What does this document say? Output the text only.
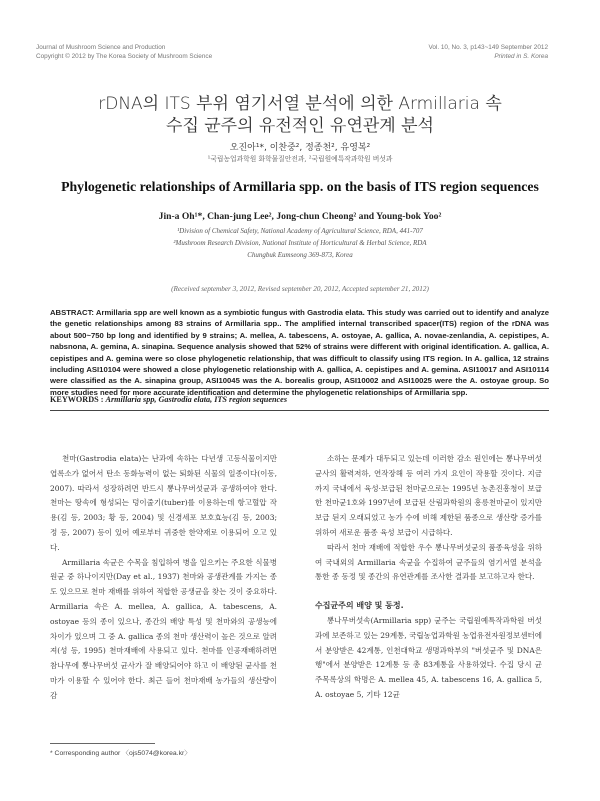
Journal of Mushroom Science and Production
Copyright © 2012 by The Korea Society of Mushroom Science
Vol. 10, No. 3, p143~149 September 2012
Printed in S. Korea
rDNA의 ITS 부위 염기서열 분석에 의한 Armillaria 속
수집 균주의 유전적인 유연관계 분석
오진아¹*, 이찬중², 정종천², 유영복²
¹국립농업과학원 화학물질안전과, ²국립원예특작과학원 버섯과
Phylogenetic relationships of Armillaria spp. on the basis of ITS region sequences
Jin-a Oh¹*, Chan-jung Lee², Jong-chun Cheong² and Young-bok Yoo²
¹Division of Chemical Safety, National Academy of Agricultural Science, RDA, 441-707
²Mushroom Research Division, National Institute of Horticultural & Herbal Science, RDA
Chungbuk Eumseong 369-873, Korea
(Received september 3, 2012, Revised september 20, 2012, Accepted september 21, 2012)
ABSTRACT: Armillaria spp are well known as a symbiotic fungus with Gastrodia elata. This study was carried out to identify and analyze the genetic relationships among 83 strains of Armillaria spp.. The amplified internal transcribed spacer(ITS) region of the rDNA was about 500~750 bp long and identified by 9 strains; A. mellea, A. tabescens, A. ostoyae, A. gallica, A. novae-zenlandia, A. cepistipes, A. nabsnona, A. gemina, A. sinapina. Sequence analysis showed that 52% of strains were different with original identification. A. gallica, A. cepistipes and A. gemina were so close phylogenetic relationship, that was difficult to classify using ITS region. In A. gallica, 12 strains including ASI10104 were showed a close phylogenetic relationship with A. gallica, A. cepistipes and A. gemina. ASI10017 and ASI10114 were classified as the A. sinapina group, ASI10045 was the A. borealis group, ASI10002 and ASI10025 were the A. ostoyae group. So more studies need for more accurate identification and determine the phylogenetic relationships of Armillaria spp.
KEYWORDS : Armillaria spp, Gastrodia elata, ITS region sequences

천마(Gastrodia elata)는 난과에 속하는 다년생 고등식물이지만 엽록소가 없어서 탄소 동화능력이 없는 퇴화된 식물의 일종이다(이동, 2007). 따라서 성장하려면 반드시 뽕나무버섯균과 공생하여야 한다. 천마는 땅속에 형성되는 덩이줄기(tuber)를 이용하는데 항고혈압 작용(김 등, 2003; 황 등, 2004) 및 신경세포 보호효능(김 등, 2003; 정 등, 2007) 등이 있어 예로부터 귀중한 한약재로 이용되어 오고 있다.

Armillaria 속균은 수목을 침입하여 병을 일으키는 주요한 식물병원균 중 하나이지만(Day et al., 1937) 천마와 공생관계를 가지는 종도 있으므로 천마 재배를 위하여 적합한 공생균을 찾는 것이 중요하다. Armillaria 속은 A. mellea, A. gallica, A. tabescens, A. ostoyae 등의 종이 있으나, 종간의 배양 특성 및 천마와의 공생능에 차이가 있으며 그 중 A. gallica 종의 천마 생산력이 높은 것으로 알려져(성 등, 1995) 천마재배에 사용되고 있다. 천마를 인공재배하려면 참나무에 뽕나무버섯 균사가 잘 배양되어야 하고 이 배양된 균사를 천마가 이용할 수 있어야 한다. 최근 들어 천마재배 농가들의 생산량이 감

소하는 문제가 대두되고 있는데 이러한 감소 원인에는 뽕나무버섯 균사의 활력저하, 연작장해 등 여러 가지 요인이 작용할 것이다. 지금까지 국내에서 육성·보급된 천마균으로는 1995년 농촌진흥청이 보급한 천마균1호와 1997년에 보급된 산림과학원의 흥릉천마균이 있지만 보급 된지 오래되었고 농가 수에 비해 제한된 품종으로 생산량 증가를 위하여 새로운 품종 육성 보급이 시급하다.

따라서 천마 재배에 적합한 우수 뽕나무버섯균의 품종육성을 위하여 국내외의 Armillaria 속균을 수집하여 균주들의 염기서열 분석을 통한 종 동정 및 종간의 유연관계를 조사한 결과를 보고하고자 한다.

수집균주의 배양 및 동정.

뽕나무버섯속(Armillaria spp) 균주는 국립원예특작과학원 버섯과에 보존하고 있는 29계통, 국립농업과학원 농업유전자원정보센터에서 분양받은 42계통, 인천대학교 생명과학부의 "버섯균주 및 DNA은행"에서 분양받은 12계통 등 총 83계통을 사용하였다. 수집 당시 균주목록상의 학명은 A. mellea 45, A. tabescens 16, A. gallica 5, A. ostoyae 5, 기타 12균

* Corresponding author 〈ojs5074@korea.kr〉
